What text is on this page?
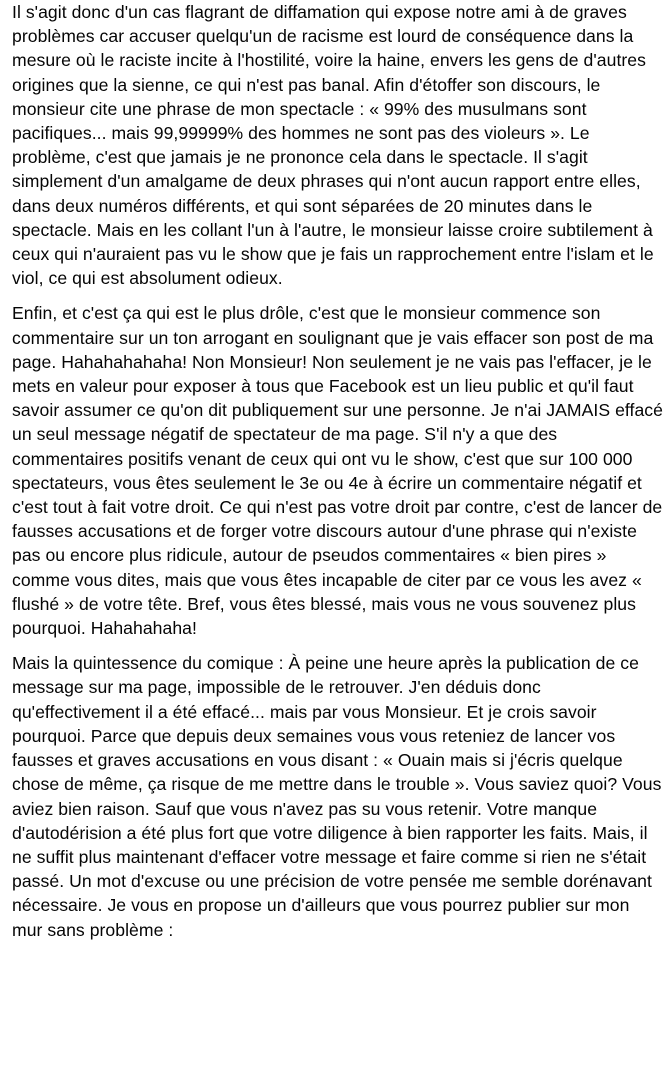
Il s'agit donc d'un cas flagrant de diffamation qui expose notre ami à de graves problèmes car accuser quelqu'un de racisme est lourd de conséquence dans la mesure où le raciste incite à l'hostilité, voire la haine, envers les gens de d'autres origines que la sienne, ce qui n'est pas banal. Afin d'étoffer son discours, le monsieur cite une phrase de mon spectacle : « 99% des musulmans sont pacifiques... mais 99,99999% des hommes ne sont pas des violeurs ». Le problème, c'est que jamais je ne prononce cela dans le spectacle. Il s'agit simplement d'un amalgame de deux phrases qui n'ont aucun rapport entre elles, dans deux numéros différents, et qui sont séparées de 20 minutes dans le spectacle. Mais en les collant l'un à l'autre, le monsieur laisse croire subtilement à ceux qui n'auraient pas vu le show que je fais un rapprochement entre l'islam et le viol, ce qui est absolument odieux.

Enfin, et c'est ça qui est le plus drôle, c'est que le monsieur commence son commentaire sur un ton arrogant en soulignant que je vais effacer son post de ma page. Hahahahahaha! Non Monsieur! Non seulement je ne vais pas l'effacer, je le mets en valeur pour exposer à tous que Facebook est un lieu public et qu'il faut savoir assumer ce qu'on dit publiquement sur une personne. Je n'ai JAMAIS effacé un seul message négatif de spectateur de ma page. S'il n'y a que des commentaires positifs venant de ceux qui ont vu le show, c'est que sur 100 000 spectateurs, vous êtes seulement le 3e ou 4e à écrire un commentaire négatif et c'est tout à fait votre droit. Ce qui n'est pas votre droit par contre, c'est de lancer de fausses accusations et de forger votre discours autour d'une phrase qui n'existe pas ou encore plus ridicule, autour de pseudos commentaires « bien pires » comme vous dites, mais que vous êtes incapable de citer par ce vous les avez « flushé » de votre tête. Bref, vous êtes blessé, mais vous ne vous souvenez plus pourquoi. Hahahahaha!

Mais la quintessence du comique : À peine une heure après la publication de ce message sur ma page, impossible de le retrouver. J'en déduis donc qu'effectivement il a été effacé... mais par vous Monsieur. Et je crois savoir pourquoi. Parce que depuis deux semaines vous vous reteniez de lancer vos fausses et graves accusations en vous disant : « Ouain mais si j'écris quelque chose de même, ça risque de me mettre dans le trouble ». Vous saviez quoi? Vous aviez bien raison. Sauf que vous n'avez pas su vous retenir. Votre manque d'autodérision a été plus fort que votre diligence à bien rapporter les faits. Mais, il ne suffit plus maintenant d'effacer votre message et faire comme si rien ne s'était passé. Un mot d'excuse ou une précision de votre pensée me semble dorénavant nécessaire. Je vous en propose un d'ailleurs que vous pourrez publier sur mon mur sans problème :
